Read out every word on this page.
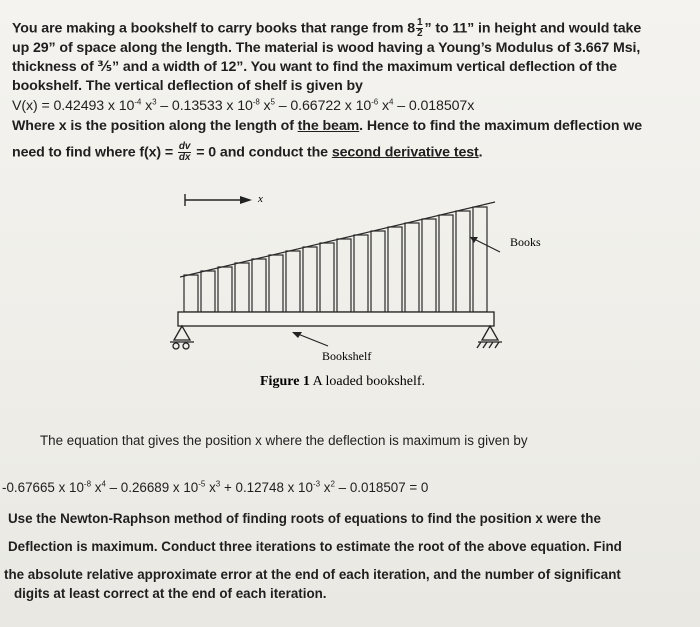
You are making a bookshelf to carry books that range from $8 \frac{1}{2}$ ” to 11” in height and would take

up 29” of space along the length. The material is wood having a Young’s Modulus of 3.667 Msi,

thickness of ⅗” and a width of 12”. You want to find the maximum vertical deflection of the

bookshelf. The vertical deflection of shelf is given by

V(x) = 0.42493 x $10^{-4}$ $x^3 - 0.13533$ x $10^{-8}$ $x^5 - 0.66722$ x $10^{-6}$ $x^4 - 0.018507x$

Where x is the position along the length of the beam. Hence to find the maximum deflection we

need to find where $f(x) = \frac{dv}{dx} = 0$ and conduct the second derivative test.

x
Books
Bookshelf
Figure 1 A loaded bookshelf.

The equation that gives the position x where the deflection is maximum is given by

-0.67665 x $10^{-8}$ $x^4 - 0.26689$ x $10^{-5}$ $x^3 + 0.12748$ x $10^{-3}$ $x^2 - 0.018507 = 0$

Use the Newton-Raphson method of finding roots of equations to find the position x were the

Deflection is maximum. Conduct three iterations to estimate the root of the above equation. Find

the absolute relative approximate error at the end of each iteration, and the number of significant

digits at least correct at the end of each iteration.
